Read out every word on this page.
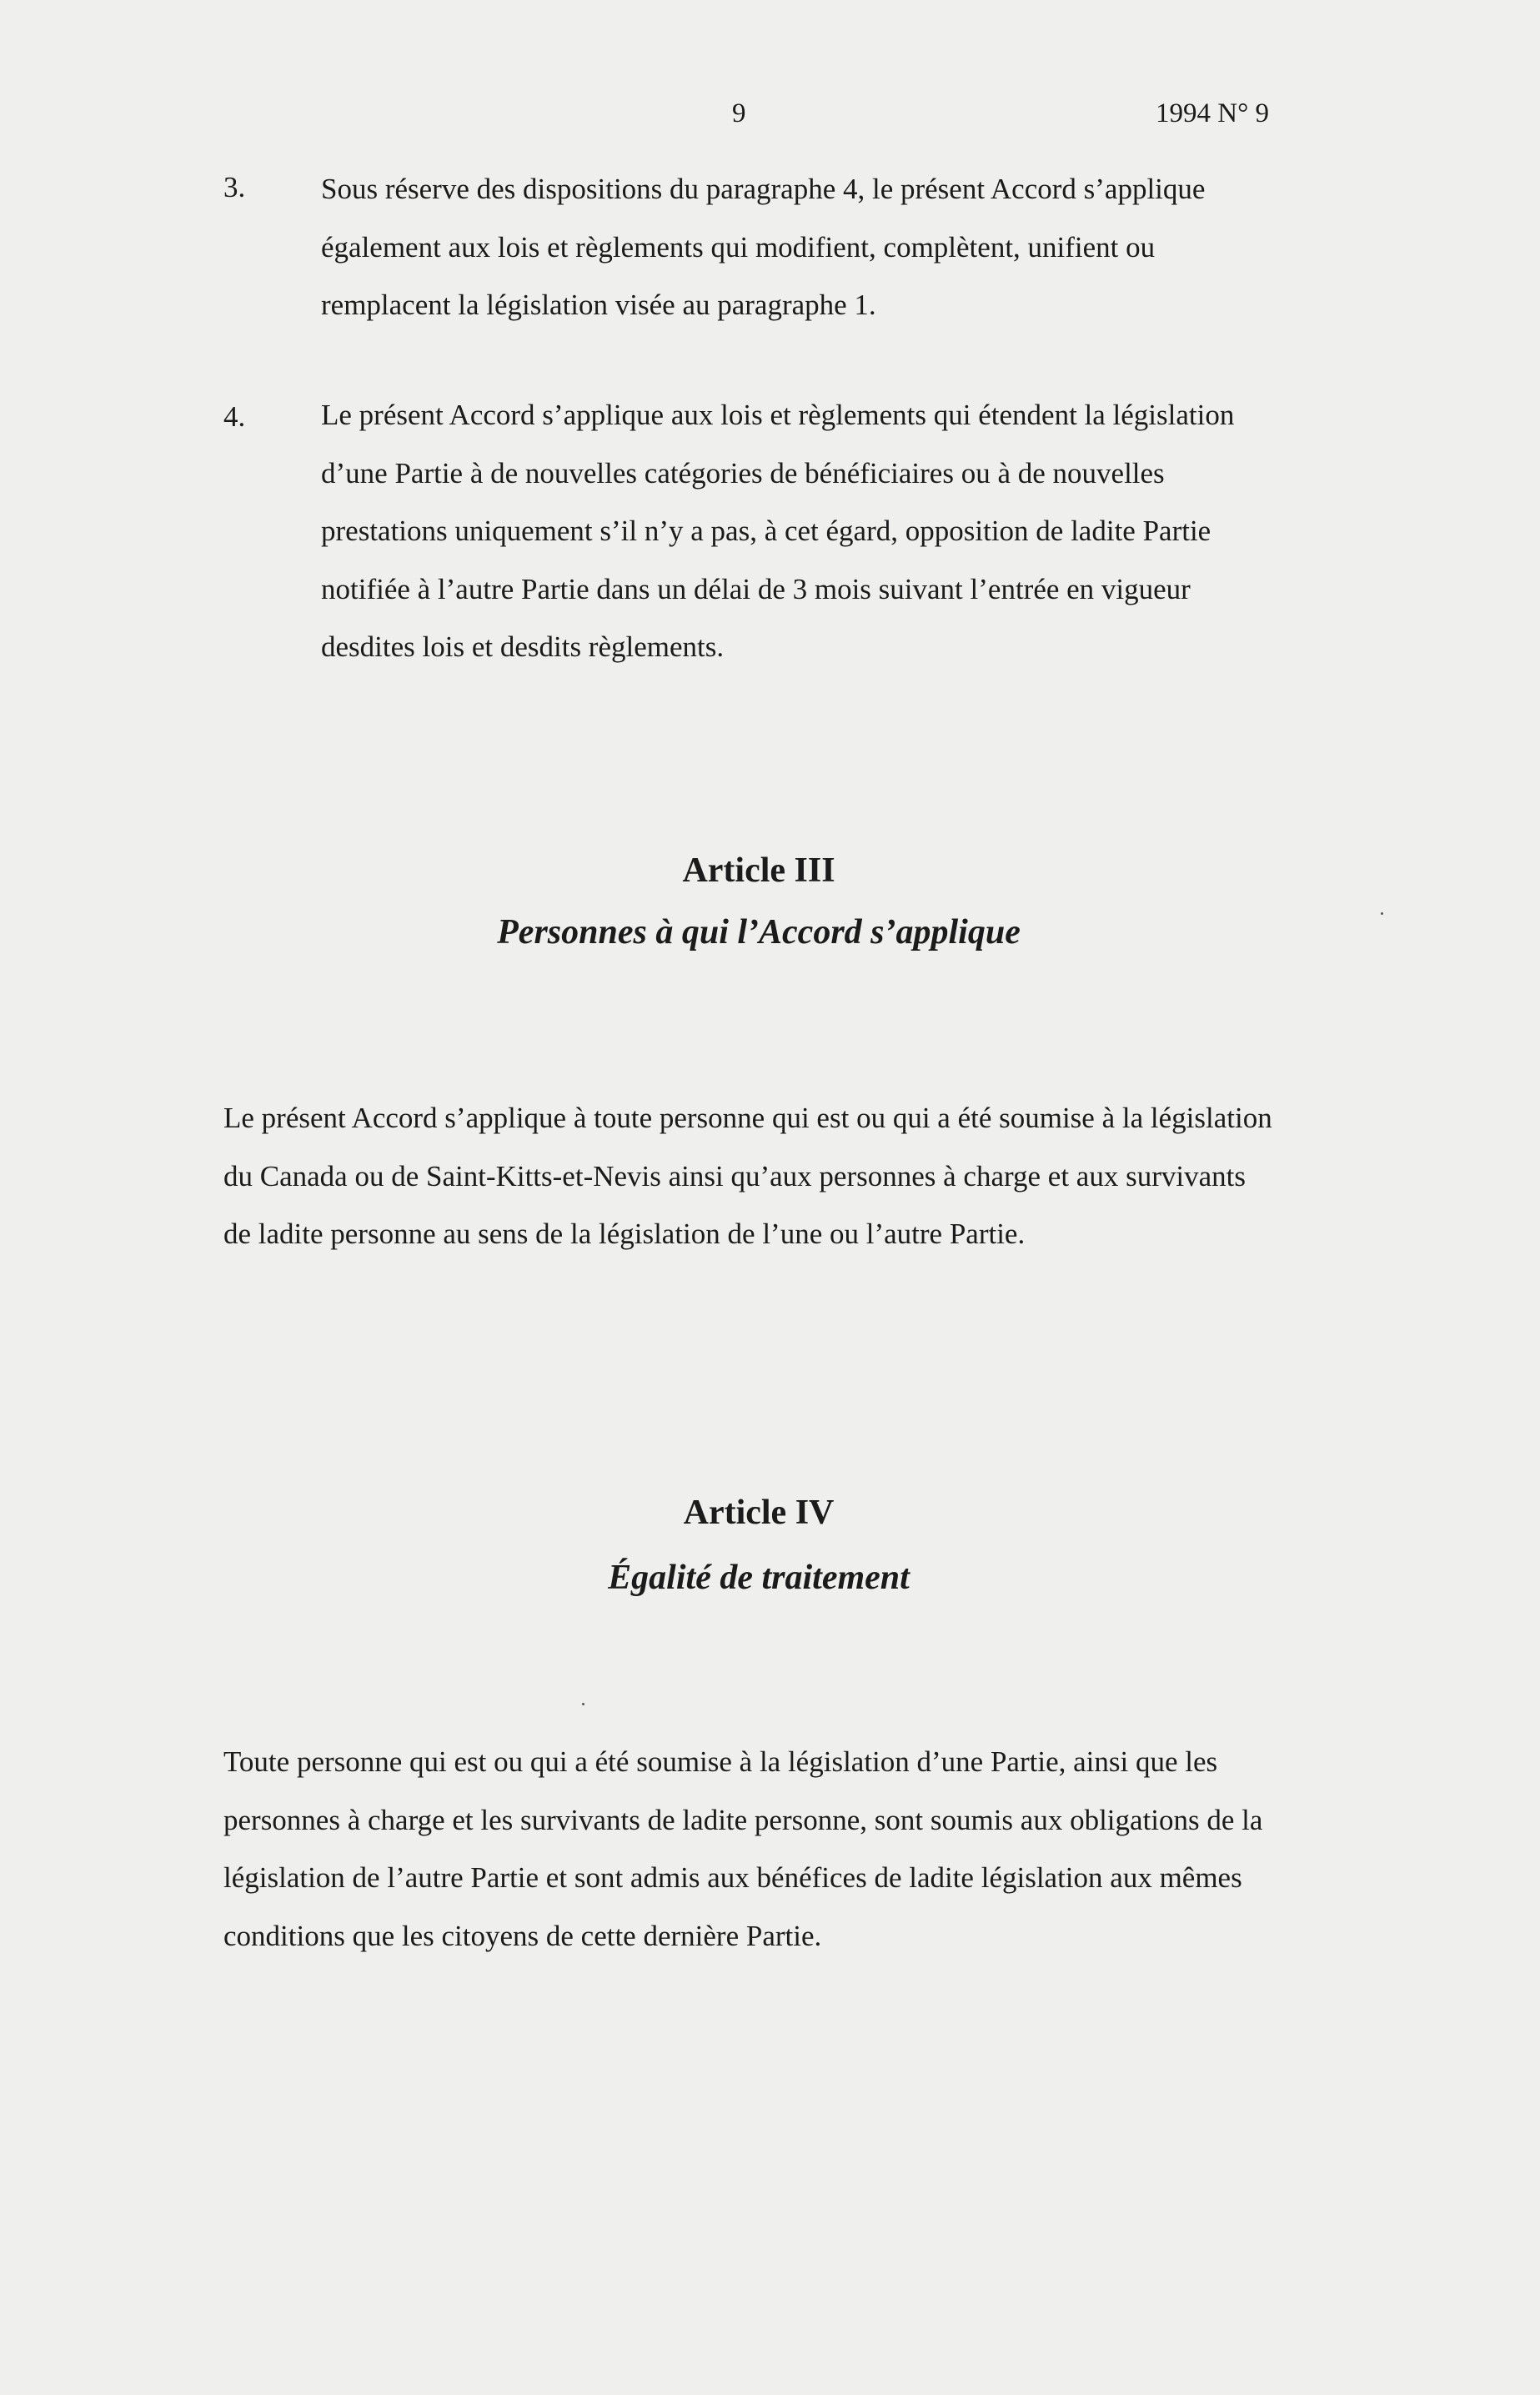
9	1994 N° 9
3.	Sous réserve des dispositions du paragraphe 4, le présent Accord s’applique également aux lois et règlements qui modifient, complètent, unifient ou remplacent la législation visée au paragraphe 1.
4.	Le présent Accord s’applique aux lois et règlements qui étendent la législation d’une Partie à de nouvelles catégories de bénéficiaires ou à de nouvelles prestations uniquement s’il n’y a pas, à cet égard, opposition de ladite Partie notifiée à l’autre Partie dans un délai de 3 mois suivant l’entrée en vigueur desdites lois et desdits règlements.
Article III
Personnes à qui l’Accord s’applique
Le présent Accord s’applique à toute personne qui est ou qui a été soumise à la législation du Canada ou de Saint-Kitts-et-Nevis ainsi qu’aux personnes à charge et aux survivants de ladite personne au sens de la législation de l’une ou l’autre Partie.
Article IV
Égalité de traitement
Toute personne qui est ou qui a été soumise à la législation d’une Partie, ainsi que les personnes à charge et les survivants de ladite personne, sont soumis aux obligations de la législation de l’autre Partie et sont admis aux bénéfices de ladite législation aux mêmes conditions que les citoyens de cette dernière Partie.
